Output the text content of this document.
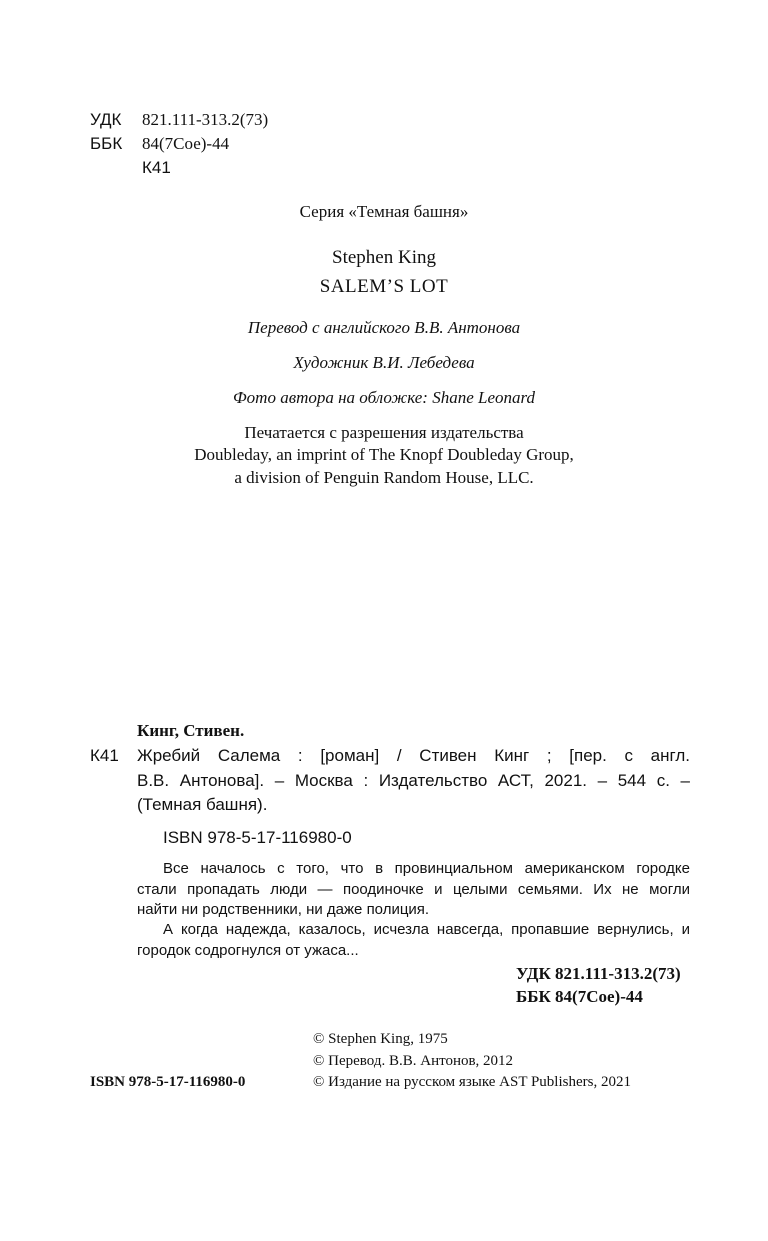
УДК 821.111-313.2(73)
ББК 84(7Сое)-44
К41
Серия «Темная башня»
Stephen King
SALEM’S LOT
Перевод с английского В.В. Антонова
Художник В.И. Лебедева
Фото автора на обложке: Shane Leonard
Печатается с разрешения издательства
Doubleday, an imprint of The Knopf Doubleday Group,
a division of Penguin Random House, LLC.
Кинг, Стивен.
К41 Жребий Салема : [роман] / Стивен Кинг ; [пер. с англ.
В.В. Антонова]. – Москва : Издательство АСТ, 2021. – 544 с. –
(Темная башня).
ISBN 978-5-17-116980-0
Все началось с того, что в провинциальном американском городке
стали пропадать люди — поодиночке и целыми семьями. Их не могли
найти ни родственники, ни даже полиция.
А когда надежда, казалось, исчезла навсегда, пропавшие вернулись, и
городок содрогнулся от ужаса...
УДК 821.111-313.2(73)
ББК 84(7Сое)-44
© Stephen King, 1975
© Перевод. В.В. Антонов, 2012
ISBN 978-5-17-116980-0	© Издание на русском языке AST Publishers, 2021
